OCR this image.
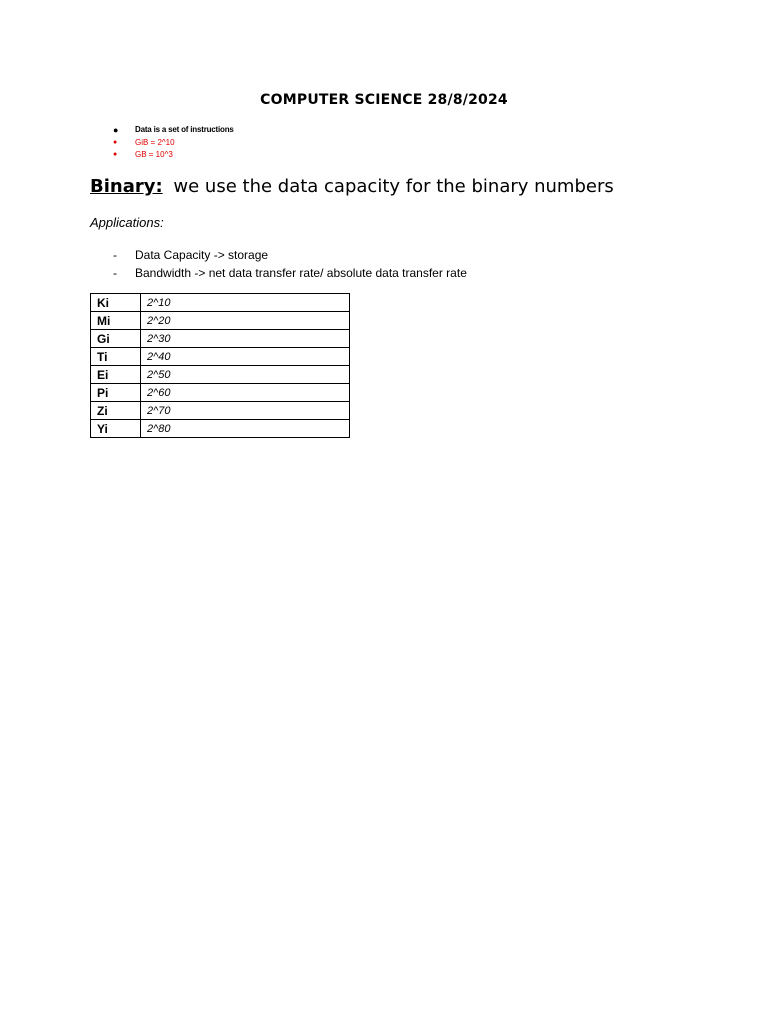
COMPUTER SCIENCE 28/8/2024
● Data is a set of instructions
● GiB = 2^10
● GB = 10^3
Binary: we use the data capacity for the binary numbers
Applications:
- Data Capacity -> storage
- Bandwidth -> net data transfer rate/ absolute data transfer rate
Ki	2^10
Mi	2^20
Gi	2^30
Ti	2^40
Ei	2^50
Pi	2^60
Zi	2^70
Yi	2^80
